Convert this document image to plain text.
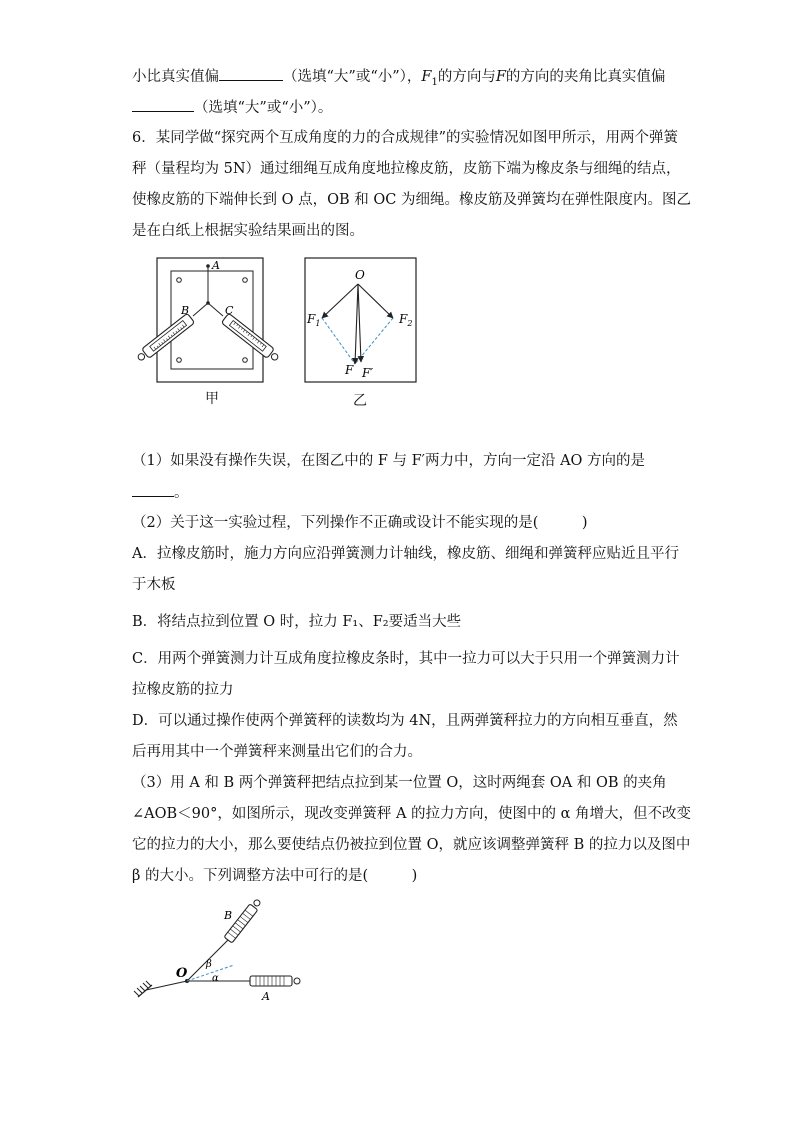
小比真实值偏	（选填“大”或“小”），$F_1$的方向与F的方向的夹角比真实值偏
（选填“大”或“小”）。
6．某同学做“探究两个互成角度的力的合成规律”的实验情况如图甲所示，用两个弹簧
秤（量程均为 5N）通过细绳互成角度地拉橡皮筋，皮筋下端为橡皮条与细绳的结点，
使橡皮筋的下端伸长到 O 点，OB 和 OC 为细绳。橡皮筋及弹簧均在弹性限度内。图乙
是在白纸上根据实验结果画出的图。
A
B	C
甲
O
$F_1$	$F_2$
F F′
乙
（1）如果没有操作失误，在图乙中的 F 与 F′两力中，方向一定沿 AO 方向的是
。
（2）关于这一实验过程，下列操作不正确或设计不能实现的是(　　　)
A．拉橡皮筋时，施力方向应沿弹簧测力计轴线，橡皮筋、细绳和弹簧秤应贴近且平行
于木板
B．将结点拉到位置 O 时，拉力 F₁、F₂要适当大些
C．用两个弹簧测力计互成角度拉橡皮条时，其中一拉力可以大于只用一个弹簧测力计
拉橡皮筋的拉力
D．可以通过操作使两个弹簧秤的读数均为 4N，且两弹簧秤拉力的方向相互垂直，然
后再用其中一个弹簧秤来测量出它们的合力。
（3）用 A 和 B 两个弹簧秤把结点拉到某一位置 O，这时两绳套 OA 和 OB 的夹角
∠AOB＜90°，如图所示，现改变弹簧秤 A 的拉力方向，使图中的 α 角增大，但不改变
它的拉力的大小，那么要使结点仍被拉到位置 O，就应该调整弹簧秤 B 的拉力以及图中
β 的大小。下列调整方法中可行的是(　　　)
O
A
B
α
β
